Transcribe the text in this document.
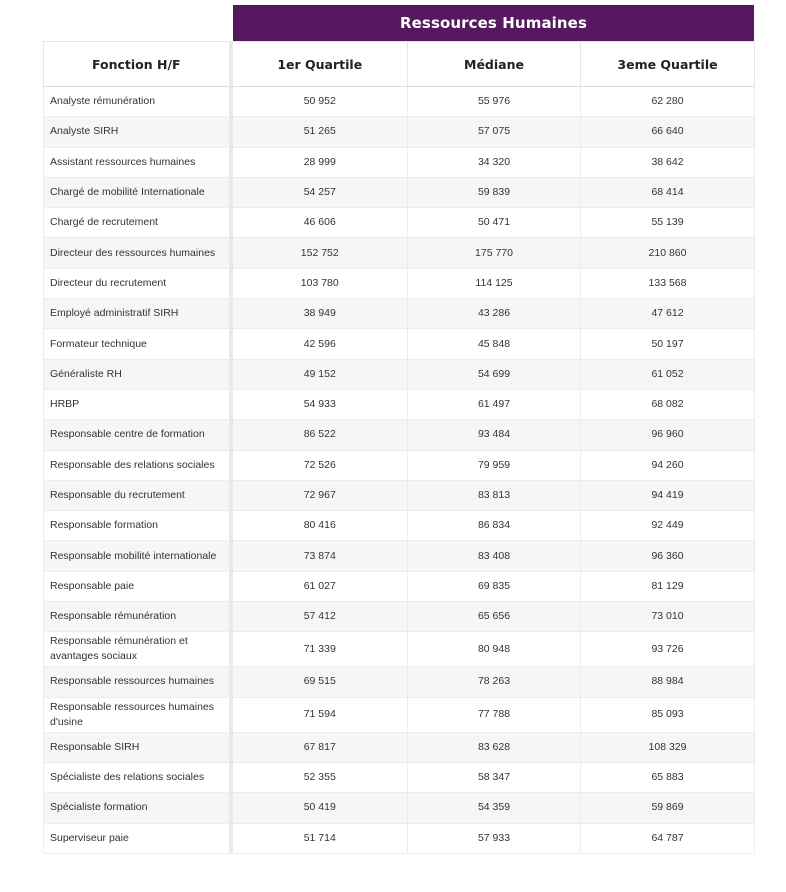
Ressources Humaines
Fonction H/F	1er Quartile	Médiane	3eme Quartile
Analyste rémunération	50 952	55 976	62 280
Analyste SIRH	51 265	57 075	66 640
Assistant ressources humaines	28 999	34 320	38 642
Chargé de mobilité Internationale	54 257	59 839	68 414
Chargé de recrutement	46 606	50 471	55 139
Directeur des ressources humaines	152 752	175 770	210 860
Directeur du recrutement	103 780	114 125	133 568
Employé administratif SIRH	38 949	43 286	47 612
Formateur technique	42 596	45 848	50 197
Généraliste RH	49 152	54 699	61 052
HRBP	54 933	61 497	68 082
Responsable centre de formation	86 522	93 484	96 960
Responsable des relations sociales	72 526	79 959	94 260
Responsable du recrutement	72 967	83 813	94 419
Responsable formation	80 416	86 834	92 449
Responsable mobilité internationale	73 874	83 408	96 360
Responsable paie	61 027	69 835	81 129
Responsable rémunération	57 412	65 656	73 010
Responsable rémunération et avantages sociaux	71 339	80 948	93 726
Responsable ressources humaines	69 515	78 263	88 984
Responsable ressources humaines d'usine	71 594	77 788	85 093
Responsable SIRH	67 817	83 628	108 329
Spécialiste des relations sociales	52 355	58 347	65 883
Spécialiste formation	50 419	54 359	59 869
Superviseur paie	51 714	57 933	64 787
